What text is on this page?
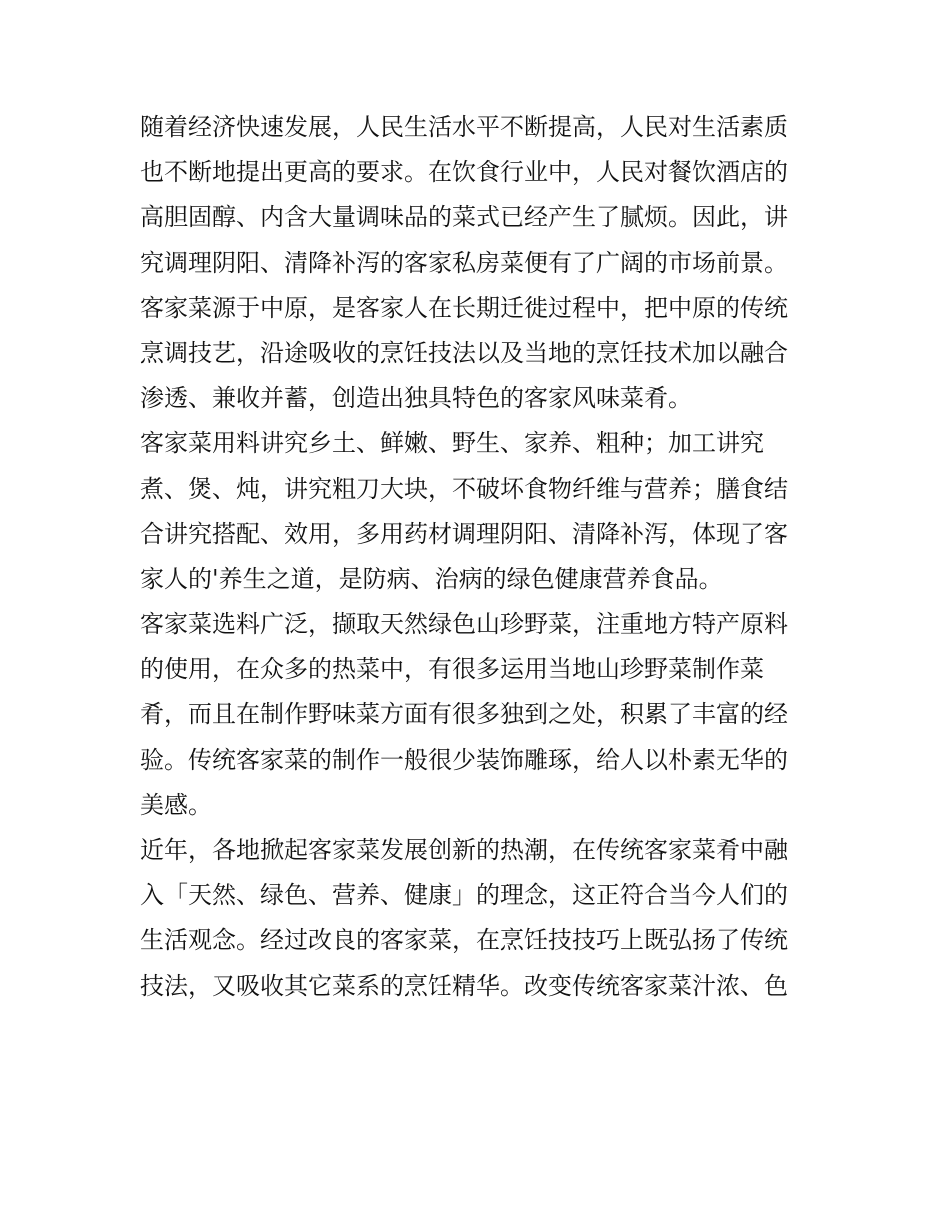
随着经济快速发展，人民生活水平不断提高，人民对生活素质
也不断地提出更高的要求。在饮食行业中，人民对餐饮酒店的
高胆固醇、内含大量调味品的菜式已经产生了腻烦。因此，讲
究调理阴阳、清降补泻的客家私房菜便有了广阔的市场前景。
客家菜源于中原，是客家人在长期迁徙过程中，把中原的传统
烹调技艺，沿途吸收的烹饪技法以及当地的烹饪技术加以融合
渗透、兼收并蓄，创造出独具特色的客家风味菜肴。
客家菜用料讲究乡土、鲜嫩、野生、家养、粗种；加工讲究
煮、煲、炖，讲究粗刀大块，不破坏食物纤维与营养；膳食结
合讲究搭配、效用，多用药材调理阴阳、清降补泻，体现了客
家人的'养生之道，是防病、治病的绿色健康营养食品。
客家菜选料广泛，撷取天然绿色山珍野菜，注重地方特产原料
的使用，在众多的热菜中，有很多运用当地山珍野菜制作菜
肴，而且在制作野味菜方面有很多独到之处，积累了丰富的经
验。传统客家菜的制作一般很少装饰雕琢，给人以朴素无华的
美感。
近年，各地掀起客家菜发展创新的热潮，在传统客家菜肴中融
入「天然、绿色、营养、健康」的理念，这正符合当今人们的
生活观念。经过改良的客家菜，在烹饪技技巧上既弘扬了传统
技法，又吸收其它菜系的烹饪精华。改变传统客家菜汁浓、色
